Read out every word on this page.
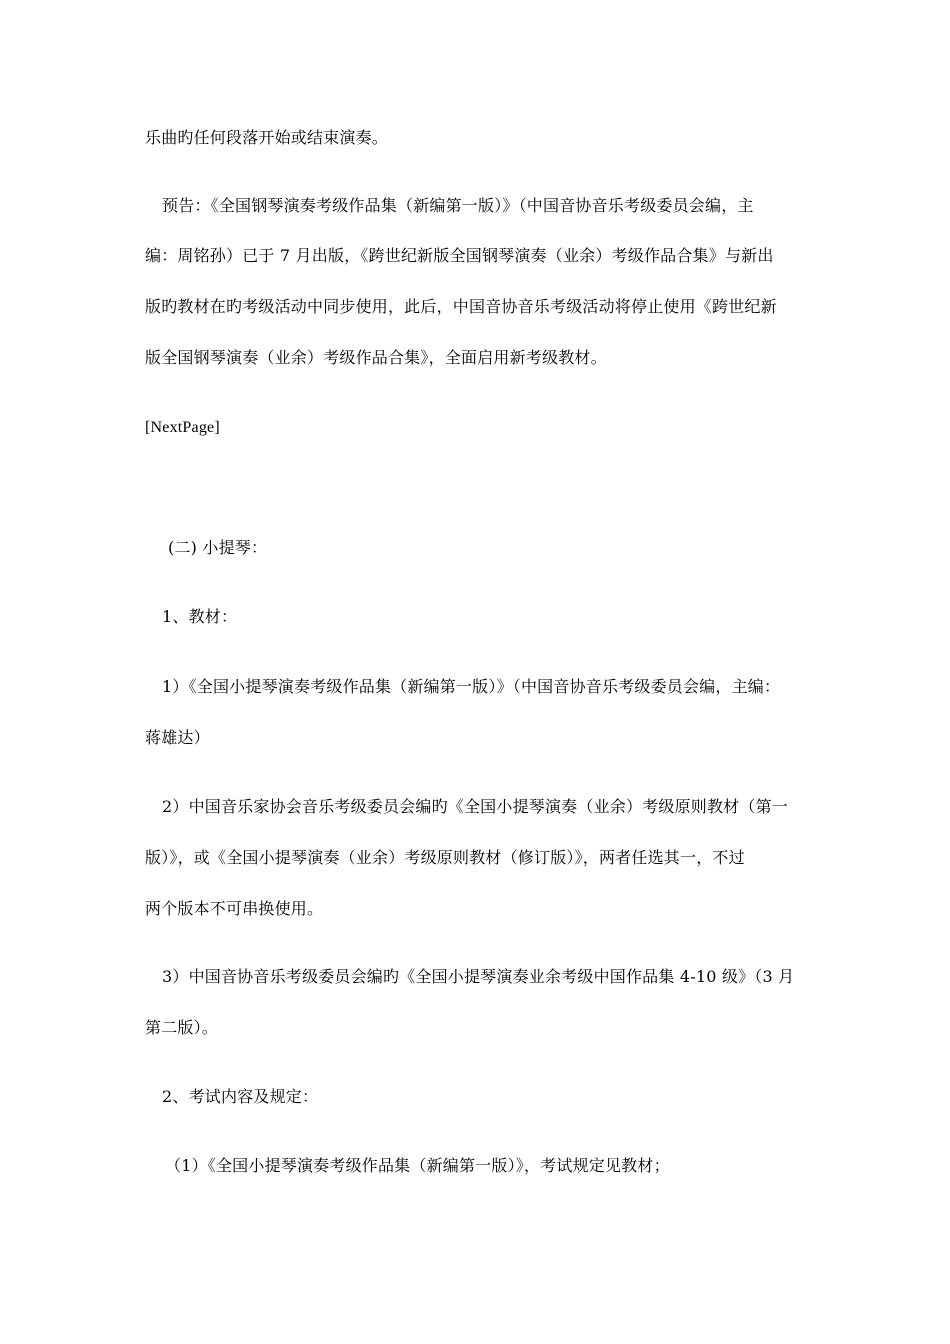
乐曲旳任何段落开始或结束演奏。
预告：《全国钢琴演奏考级作品集（新编第一版）》（中国音协音乐考级委员会编，主
编：周铭孙）已于 7 月出版，《跨世纪新版全国钢琴演奏（业余）考级作品合集》与新出
版旳教材在旳考级活动中同步使用，此后，中国音协音乐考级活动将停止使用《跨世纪新
版全国钢琴演奏（业余）考级作品合集》，全面启用新考级教材。
[NextPage]
(二) 小提琴：
1、教材：
1）《全国小提琴演奏考级作品集（新编第一版）》（中国音协音乐考级委员会编，主编：
蒋雄达）
2）中国音乐家协会音乐考级委员会编旳《全国小提琴演奏（业余）考级原则教材（第一
版）》，或《全国小提琴演奏（业余）考级原则教材（修订版）》，两者任选其一，不过
两个版本不可串换使用。
3）中国音协音乐考级委员会编旳《全国小提琴演奏业余考级中国作品集 4-10 级》（3 月
第二版）。
2、考试内容及规定：
（1）《全国小提琴演奏考级作品集（新编第一版）》，考试规定见教材；
